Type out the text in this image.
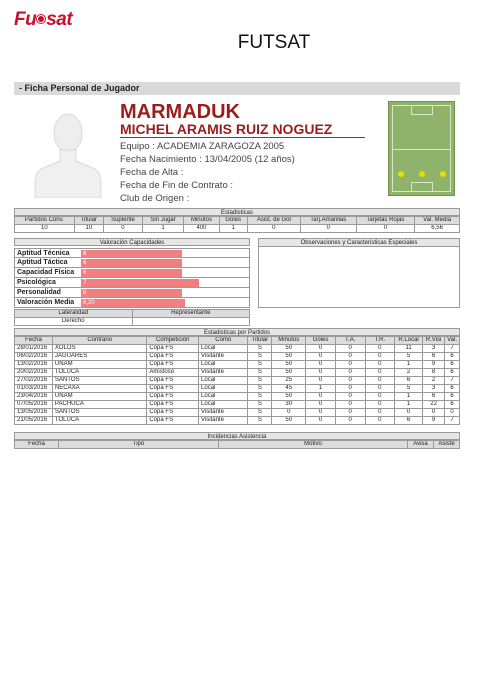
Fu sat
FUTSAT
- Ficha Personal de Jugador
MARMADUK
MICHEL ARAMIS RUIZ NOGUEZ
Equipo : ACADEMIA ZARAGOZA 2005
Fecha Nacimiento : 13/04/2005 (12 años)
Fecha de Alta :
Fecha de Fin de Contrato :
Club de Origen :
Estadisticas
Partidos Conv.	Titular	Suplente	Sin Jugar	Minutos	Goles	Asist. de Gol	Tarj.Amarillas	Tarjetas Rojas	Val. Media
10	10	0	1	400	1	0	0	0	6,56
Valoración Capacidades
Aptitud Técnica	6
Aptitud Táctica	6
Capacidad Física	6
Psicológica	7
Personalidad	6
Valoración Media	6,20
Observaciones y Caracteristicas Especiales
Lateralidad	Representante
Derecho	
Estadisticas por Partidos
Fecha	Contrario	Competición	Como	Titular	Minutos	Goles	T.A.	T.R.	R.Local	R.Visi	Val.
28/01/2016	XOLOS	Copa FS	Local	S	50	0	0	0	11	3	7
06/02/2016	JAGUARES	Copa FS	Visitante	S	50	0	0	0	5	6	6
13/02/2016	UNAM	Copa FS	Local	S	50	0	0	0	1	9	6
20/02/2016	TOLUCA	Amistoso	Visitante	S	50	0	0	0	2	8	6
27/02/2016	SANTOS	Copa FS	Local	S	25	0	0	0	6	2	7
01/03/2016	NECAXA	Copa FS	Local	S	45	1	0	0	5	3	6
23/04/2016	UNAM	Copa FS	Local	S	50	0	0	0	1	6	6
07/05/2016	PACHUCA	Copa FS	Local	S	30	0	0	0	1	22	6
13/05/2016	SANTOS	Copa FS	Visitante	S	0	0	0	0	0	0	0
21/05/2016	TOLUCA	Copa FS	Visitante	S	50	0	0	0	6	9	7
Incidencias Asistencia
Fecha	Tipo	Motivo	Avisa	Asiste
